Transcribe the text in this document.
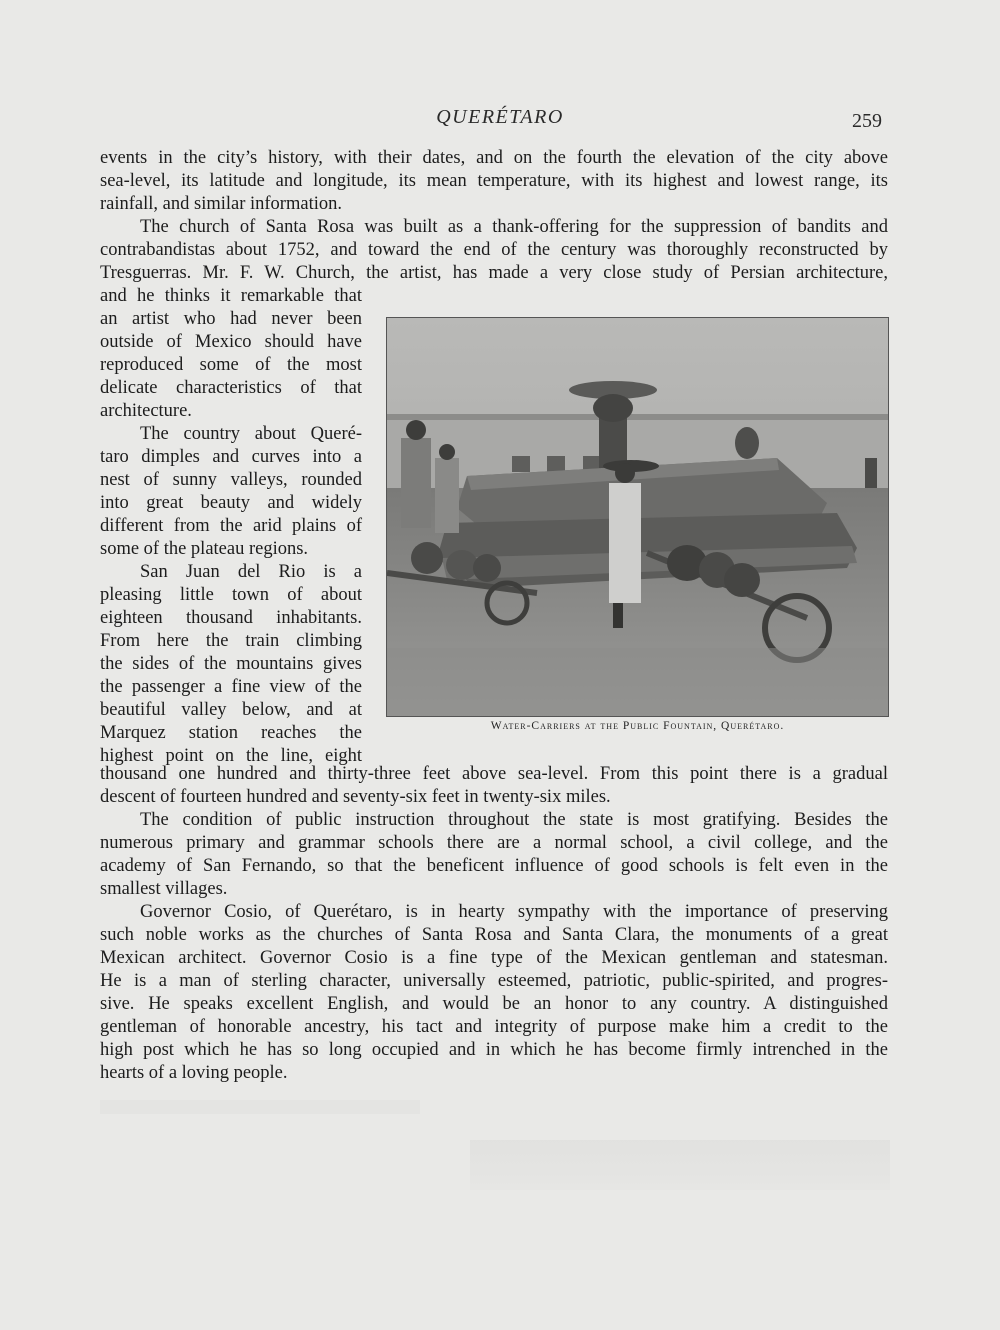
QUERÉTARO	259
events in the city’s history, with their dates, and on the fourth the elevation of the city above
sea-level, its latitude and longitude, its mean temperature, with its highest and lowest range, its
rainfall, and similar information.
The church of Santa Rosa was built as a thank-offering for the suppression of bandits and
contrabandistas about 1752, and toward the end of the century was thoroughly reconstructed by
Tresguerras. Mr. F. W. Church, the artist, has made a very close study of Persian architecture,
and he thinks it remarkable that
an artist who had never been
outside of Mexico should have
reproduced some of the most
delicate characteristics of that
architecture.
The country about Queré-
taro dimples and curves into a
nest of sunny valleys, rounded
into great beauty and widely
different from the arid plains of
some of the plateau regions.
San Juan del Rio is a
pleasing little town of about
eighteen thousand inhabitants.
From here the train climbing
the sides of the mountains gives
the passenger a fine view of the
beautiful valley below, and at
Marquez station reaches the
highest point on the line, eight
Water-Carriers at the Public Fountain, Querétaro.
thousand one hundred and thirty-three feet above sea-level. From this point there is a gradual
descent of fourteen hundred and seventy-six feet in twenty-six miles.
The condition of public instruction throughout the state is most gratifying. Besides the
numerous primary and grammar schools there are a normal school, a civil college, and the
academy of San Fernando, so that the beneficent influence of good schools is felt even in the
smallest villages.
Governor Cosio, of Querétaro, is in hearty sympathy with the importance of preserving
such noble works as the churches of Santa Rosa and Santa Clara, the monuments of a great
Mexican architect. Governor Cosio is a fine type of the Mexican gentleman and statesman.
He is a man of sterling character, universally esteemed, patriotic, public-spirited, and progres-
sive. He speaks excellent English, and would be an honor to any country. A distinguished
gentleman of honorable ancestry, his tact and integrity of purpose make him a credit to the
high post which he has so long occupied and in which he has become firmly intrenched in the
hearts of a loving people.
